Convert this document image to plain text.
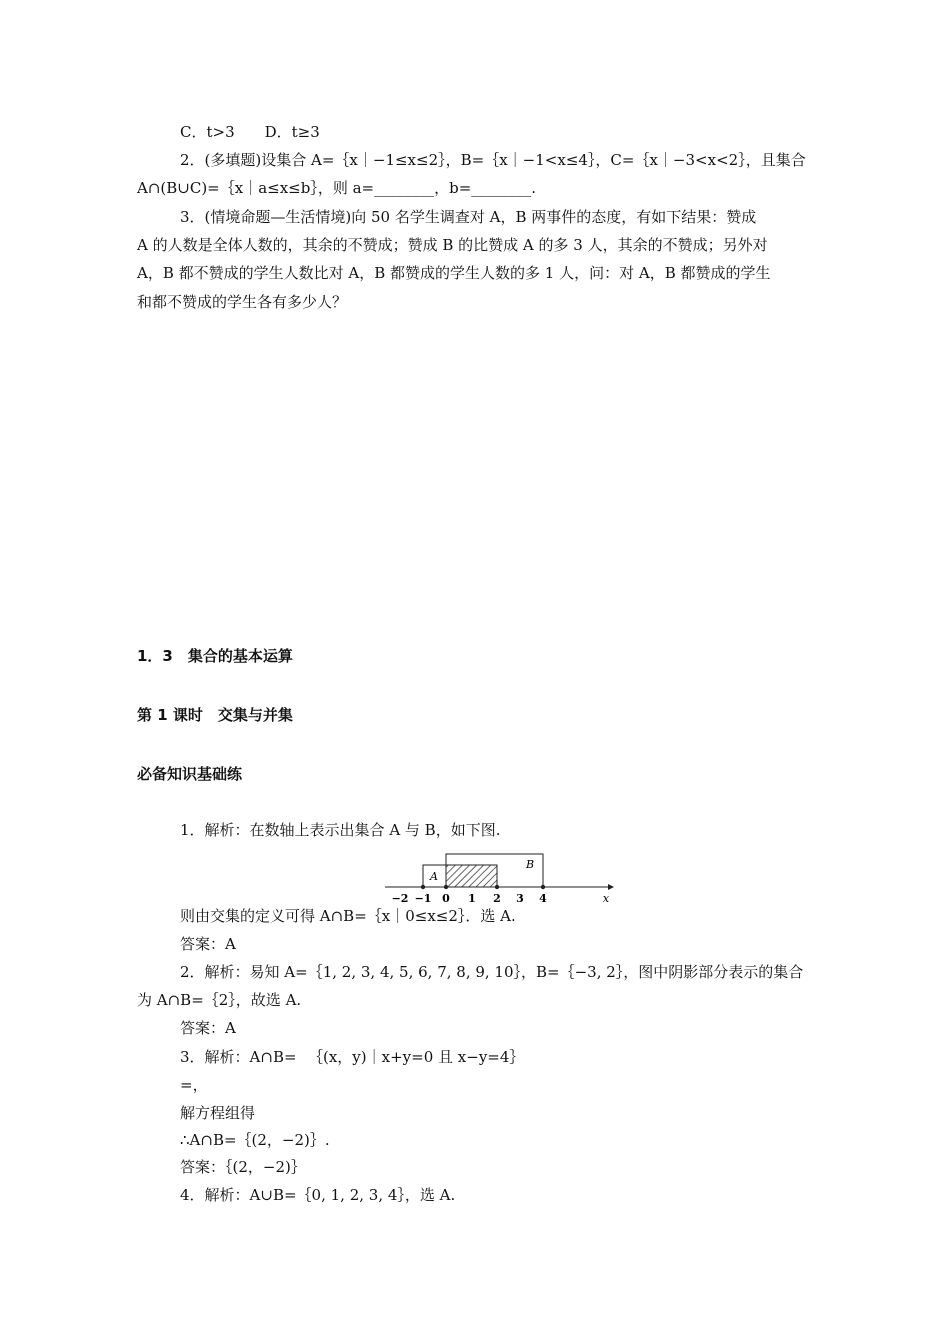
C．t>3　　D．t≥3
2．(多填题)设集合 A=｛x｜−1≤x≤2｝，B=｛x｜−1<x≤4｝，C=｛x｜−3<x<2｝，且集合
A∩(B∪C)=｛x｜a≤x≤b｝，则 a=________，b=________.
3．(情境命题—生活情境)向 50 名学生调查对 A，B 两事件的态度，有如下结果：赞成
A 的人数是全体人数的，其余的不赞成；赞成 B 的比赞成 A 的多 3 人，其余的不赞成；另外对
A，B 都不赞成的学生人数比对 A，B 都赞成的学生人数的多 1 人，问：对 A，B 都赞成的学生
和都不赞成的学生各有多少人？
1．3　集合的基本运算
第 1 课时　交集与并集
必备知识基础练
1．解析：在数轴上表示出集合 A 与 B，如下图.
A
B
−2 −1 0 1 2 3 4	x
则由交集的定义可得 A∩B=｛x｜0≤x≤2｝．选 A.
答案：A
2．解析：易知 A=｛1, 2, 3, 4, 5, 6, 7, 8, 9, 10｝，B=｛−3, 2｝，图中阴影部分表示的集合
为 A∩B=｛2｝，故选 A.
答案：A
3．解析：A∩B= ｛(x，y)｜x+y=0 且 x−y=4｝
=，
解方程组得
∴A∩B=｛(2，−2)｝.
答案：｛(2，−2)｝
4．解析：A∪B=｛0, 1, 2, 3, 4｝，选 A.
